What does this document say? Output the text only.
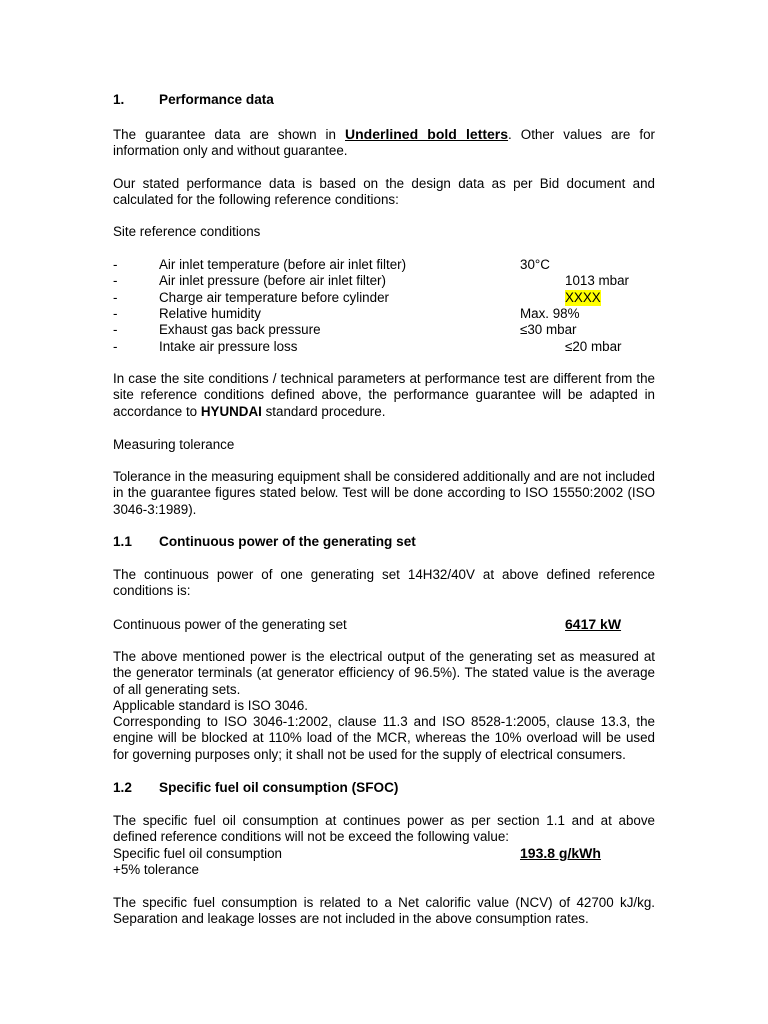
1.	Performance data
The guarantee data are shown in Underlined bold letters. Other values are for information only and without guarantee.
Our stated performance data is based on the design data as per Bid document and calculated for the following reference conditions:
Site reference conditions
-	Air inlet temperature (before air inlet filter)	30°C
-	Air inlet pressure (before air inlet filter)	1013 mbar
-	Charge air temperature before cylinder	XXXX
-	Relative humidity	Max. 98%
-	Exhaust gas back pressure	≤30 mbar
-	Intake air pressure loss	≤20 mbar
In case the site conditions / technical parameters at performance test are different from the site reference conditions defined above, the performance guarantee will be adapted in accordance to HYUNDAI standard procedure.
Measuring tolerance
Tolerance in the measuring equipment shall be considered additionally and are not included in the guarantee figures stated below. Test will be done according to ISO 15550:2002 (ISO 3046-3:1989).
1.1 Continuous power of the generating set
The continuous power of one generating set 14H32/40V at above defined reference conditions is:
Continuous power of the generating set	6417 kW
The above mentioned power is the electrical output of the generating set as measured at the generator terminals (at generator efficiency of 96.5%). The stated value is the average of all generating sets.
Applicable standard is ISO 3046.
Corresponding to ISO 3046-1:2002, clause 11.3 and ISO 8528-1:2005, clause 13.3, the engine will be blocked at 110% load of the MCR, whereas the 10% overload will be used for governing purposes only; it shall not be used for the supply of electrical consumers.
1.2 Specific fuel oil consumption (SFOC)
The specific fuel oil consumption at continues power as per section 1.1 and at above defined reference conditions will not be exceed the following value:
Specific fuel oil consumption	193.8 g/kWh
+5% tolerance
The specific fuel consumption is related to a Net calorific value (NCV) of 42700 kJ/kg. Separation and leakage losses are not included in the above consumption rates.
